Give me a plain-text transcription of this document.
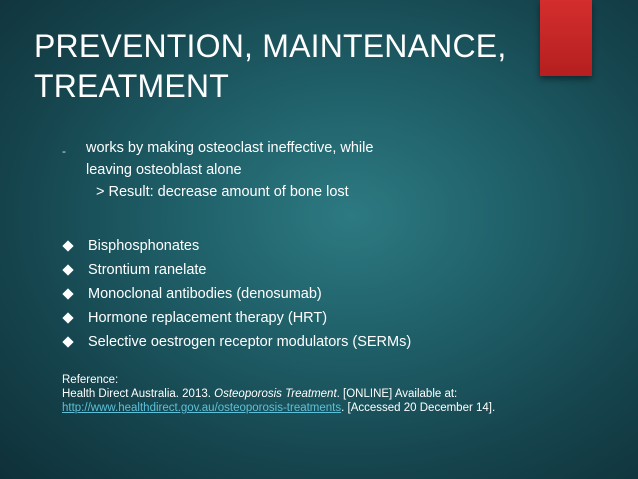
PREVENTION, MAINTENANCE,
TREATMENT
- works by making osteoclast ineffective, while
leaving osteoblast alone
> Result: decrease amount of bone lost
Bisphosphonates
Strontium ranelate
Monoclonal antibodies (denosumab)
Hormone replacement therapy (HRT)
Selective oestrogen receptor modulators (SERMs)
Reference:
Health Direct Australia. 2013. Osteoporosis Treatment. [ONLINE] Available at: http://www.healthdirect.gov.au/osteoporosis-treatments. [Accessed 20 December 14].
